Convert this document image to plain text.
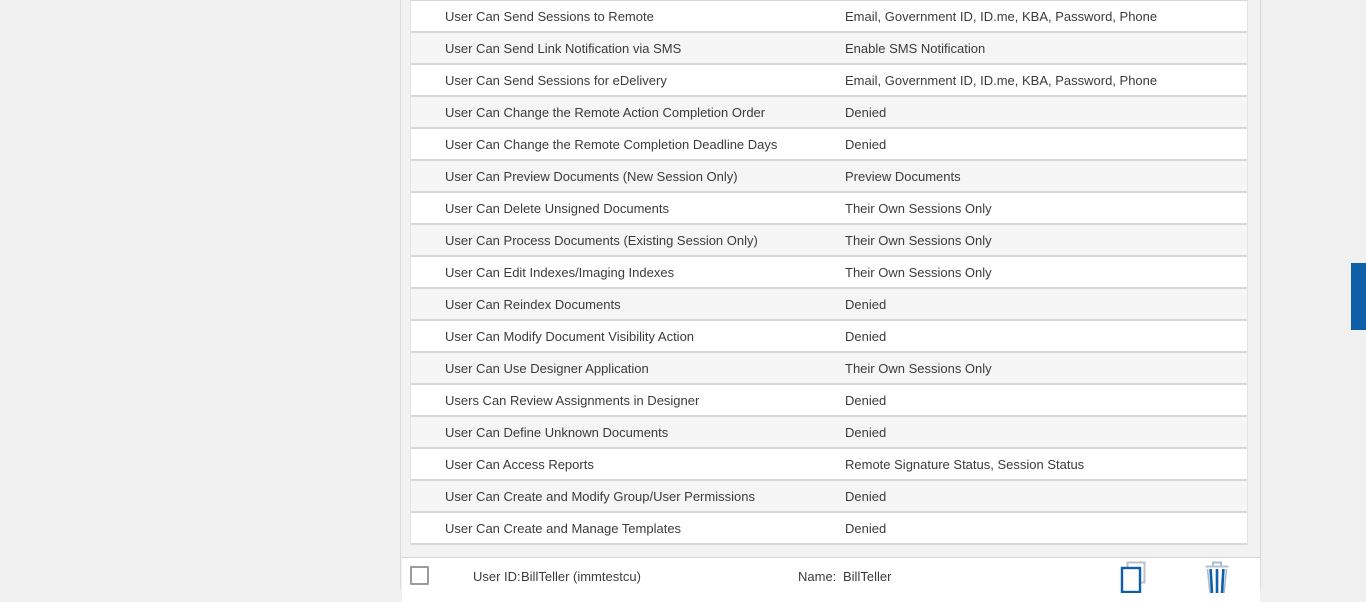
User Can Send Sessions to Remote	Email, Government ID, ID.me, KBA, Password, Phone
User Can Send Link Notification via SMS	Enable SMS Notification
User Can Send Sessions for eDelivery	Email, Government ID, ID.me, KBA, Password, Phone
User Can Change the Remote Action Completion Order	Denied
User Can Change the Remote Completion Deadline Days	Denied
User Can Preview Documents (New Session Only)	Preview Documents
User Can Delete Unsigned Documents	Their Own Sessions Only
User Can Process Documents (Existing Session Only)	Their Own Sessions Only
User Can Edit Indexes/Imaging Indexes	Their Own Sessions Only
User Can Reindex Documents	Denied
User Can Modify Document Visibility Action	Denied
User Can Use Designer Application	Their Own Sessions Only
Users Can Review Assignments in Designer	Denied
User Can Define Unknown Documents	Denied
User Can Access Reports	Remote Signature Status, Session Status
User Can Create and Modify Group/User Permissions	Denied
User Can Create and Manage Templates	Denied
User ID: BillTeller (immtestcu)	Name: BillTeller
